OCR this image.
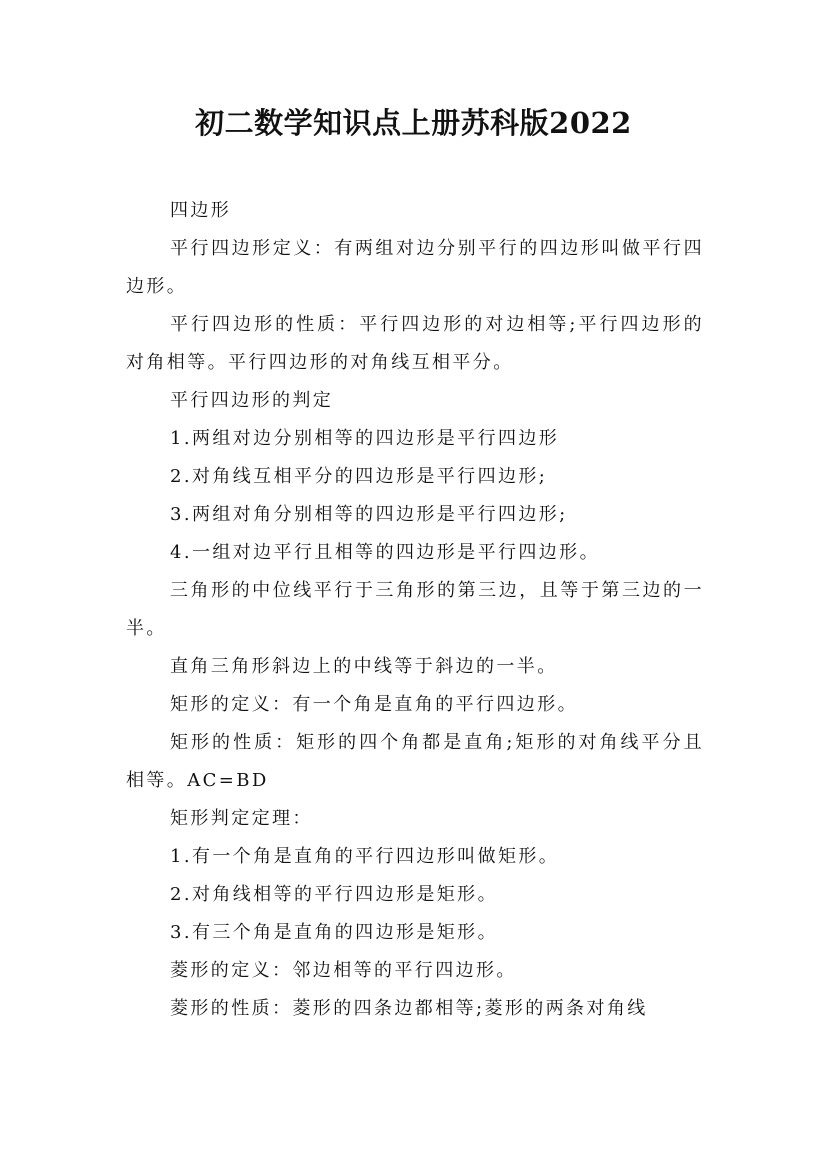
初二数学知识点上册苏科版2022

四边形

平行四边形定义：有两组对边分别平行的四边形叫做平行四边形。

平行四边形的性质：平行四边形的对边相等;平行四边形的对角相等。平行四边形的对角线互相平分。

平行四边形的判定

1.两组对边分别相等的四边形是平行四边形

2.对角线互相平分的四边形是平行四边形;

3.两组对角分别相等的四边形是平行四边形;

4.一组对边平行且相等的四边形是平行四边形。

三角形的中位线平行于三角形的第三边，且等于第三边的一半。

直角三角形斜边上的中线等于斜边的一半。

矩形的定义：有一个角是直角的平行四边形。

矩形的性质：矩形的四个角都是直角;矩形的对角线平分且相等。AC=BD

矩形判定定理：

1.有一个角是直角的平行四边形叫做矩形。

2.对角线相等的平行四边形是矩形。

3.有三个角是直角的四边形是矩形。

菱形的定义：邻边相等的平行四边形。

菱形的性质：菱形的四条边都相等;菱形的两条对角线
